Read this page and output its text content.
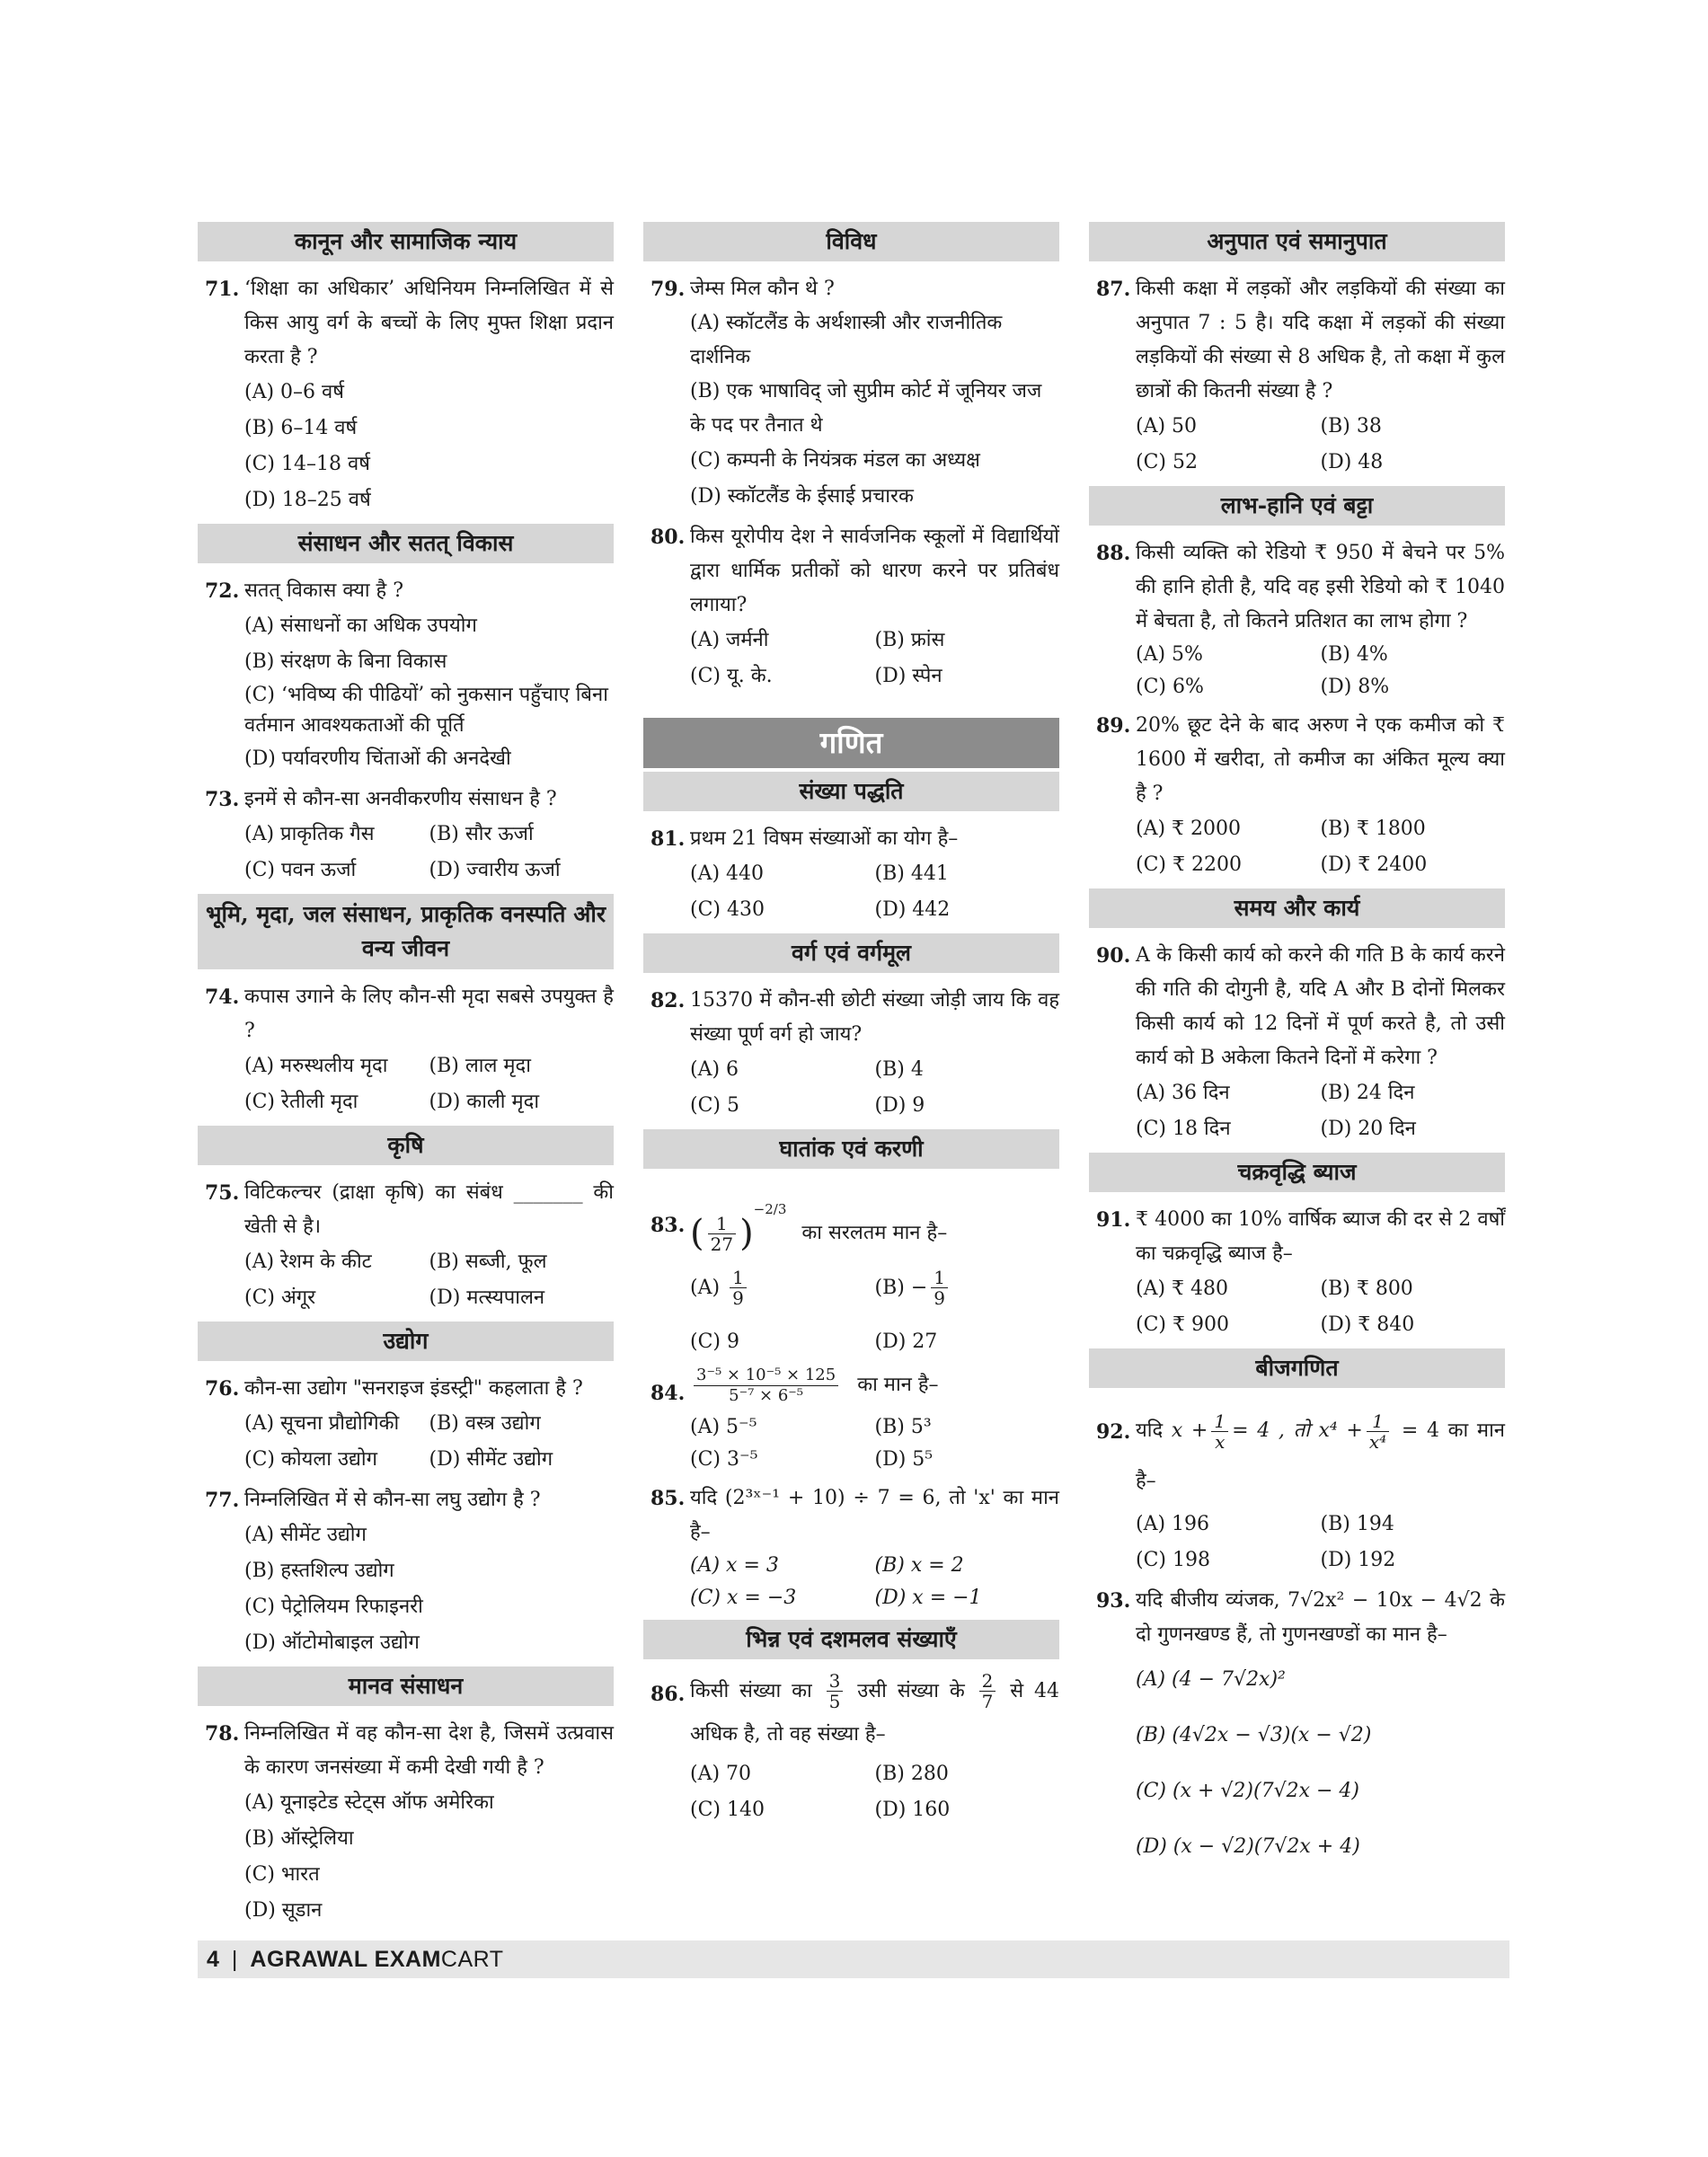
कानून और सामाजिक न्याय
71. ‘शिक्षा का अधिकार’ अधिनियम निम्नलिखित में से किस आयु वर्ग के बच्चों के लिए मुफ्त शिक्षा प्रदान करता है ?
(A) 0–6 वर्ष
(B) 6–14 वर्ष
(C) 14–18 वर्ष
(D) 18–25 वर्ष
संसाधन और सतत् विकास
72. सतत् विकास क्या है ?
(A) संसाधनों का अधिक उपयोग
(B) संरक्षण के बिना विकास
(C) ‘भविष्य की पीढियों’ को नुकसान पहुँचाए बिना वर्तमान आवश्यकताओं की पूर्ति
(D) पर्यावरणीय चिंताओं की अनदेखी
73. इनमें से कौन-सा अनवीकरणीय संसाधन है ?
(A) प्राकृतिक गैस	(B) सौर ऊर्जा
(C) पवन ऊर्जा	(D) ज्वारीय ऊर्जा
भूमि, मृदा, जल संसाधन, प्राकृतिक वनस्पति और वन्य जीवन
74. कपास उगाने के लिए कौन-सी मृदा सबसे उपयुक्त है ?
(A) मरुस्थलीय मृदा	(B) लाल मृदा
(C) रेतीली मृदा	(D) काली मृदा
कृषि
75. विटिकल्चर (द्राक्षा कृषि) का संबंध _______ की खेती से है।
(A) रेशम के कीट	(B) सब्जी, फूल
(C) अंगूर	(D) मत्स्यपालन
उद्योग
76. कौन-सा उद्योग "सनराइज इंडस्ट्री" कहलाता है ?
(A) सूचना प्रौद्योगिकी	(B) वस्त्र उद्योग
(C) कोयला उद्योग	(D) सीमेंट उद्योग
77. निम्नलिखित में से कौन-सा लघु उद्योग है ?
(A) सीमेंट उद्योग
(B) हस्तशिल्प उद्योग
(C) पेट्रोलियम रिफाइनरी
(D) ऑटोमोबाइल उद्योग
मानव संसाधन
78. निम्नलिखित में वह कौन-सा देश है, जिसमें उत्प्रवास के कारण जनसंख्या में कमी देखी गयी है ?
(A) यूनाइटेड स्टेट्स ऑफ अमेरिका
(B) ऑस्ट्रेलिया
(C) भारत
(D) सूडान
विविध
79. जेम्स मिल कौन थे ?
(A) स्कॉटलैंड के अर्थशास्त्री और राजनीतिक दार्शनिक
(B) एक भाषाविद् जो सुप्रीम कोर्ट में जूनियर जज के पद पर तैनात थे
(C) कम्पनी के नियंत्रक मंडल का अध्यक्ष
(D) स्कॉटलैंड के ईसाई प्रचारक
80. किस यूरोपीय देश ने सार्वजनिक स्कूलों में विद्यार्थियों द्वारा धार्मिक प्रतीकों को धारण करने पर प्रतिबंध लगाया?
(A) जर्मनी	(B) फ्रांस
(C) यू. के.	(D) स्पेन
गणित
संख्या पद्धति
81. प्रथम 21 विषम संख्याओं का योग है–
(A) 440	(B) 441
(C) 430	(D) 442
वर्ग एवं वर्गमूल
82. 15370 में कौन-सी छोटी संख्या जोड़ी जाय कि वह संख्या पूर्ण वर्ग हो जाय?
(A) 6	(B) 4
(C) 5	(D) 9
घातांक एवं करणी
83. ( $\frac{1}{27} )^{-2/3}$ का सरलतम मान है–
$(A) \frac{1}{9}$	$(B) - \frac{1}{9}$
(C) 9	(D) 27
84. $\frac{\text{3⁻⁵ × 10⁻⁵ × 125}}{\text{5⁻⁷ × 6⁻⁵}}$ का मान है–
(A) 5⁻⁵	(B) 5³
(C) 3⁻⁵	(D) 5⁵
85. यदि (2³ˣ⁻¹ + 10) ÷ 7 = 6, तो 'x' का मान है–
(A) x = 3	(B) x = 2
(C) x = −3	(D) x = −1
भिन्न एवं दशमलव संख्याएँ
86. किसी संख्या का $\frac{3}{5}$ उसी संख्या के $\frac{2}{7}$ से 44 अधिक है, तो वह संख्या है–
(A) 70	(B) 280
(C) 140	(D) 160
अनुपात एवं समानुपात
87. किसी कक्षा में लड़कों और लड़कियों की संख्या का अनुपात 7 : 5 है। यदि कक्षा में लड़कों की संख्या लड़कियों की संख्या से 8 अधिक है, तो कक्षा में कुल छात्रों की कितनी संख्या है ?
(A) 50	(B) 38
(C) 52	(D) 48
लाभ-हानि एवं बट्टा
88. किसी व्यक्ति को रेडियो ₹ 950 में बेचने पर 5% की हानि होती है, यदि वह इसी रेडियो को ₹ 1040 में बेचता है, तो कितने प्रतिशत का लाभ होगा ?
(A) 5%	(B) 4%
(C) 6%	(D) 8%
89. 20% छूट देने के बाद अरुण ने एक कमीज को ₹ 1600 में खरीदा, तो कमीज का अंकित मूल्य क्या है ?
(A) ₹ 2000	(B) ₹ 1800
(C) ₹ 2200	(D) ₹ 2400
समय और कार्य
90. A के किसी कार्य को करने की गति B के कार्य करने की गति की दोगुनी है, यदि A और B दोनों मिलकर किसी कार्य को 12 दिनों में पूर्ण करते है, तो उसी कार्य को B अकेला कितने दिनों में करेगा ?
(A) 36 दिन	(B) 24 दिन
(C) 18 दिन	(D) 20 दिन
चक्रवृद्धि ब्याज
91. ₹ 4000 का 10% वार्षिक ब्याज की दर से 2 वर्षों का चक्रवृद्धि ब्याज है–
(A) ₹ 480	(B) ₹ 800
(C) ₹ 900	(D) ₹ 840
बीजगणित
92. यदि $x + \frac{1}{x} = 4$ , तो $x^4 + \frac{1}{\text{x⁴}} = 4$ का मान है–
(A) 196	(B) 194
(C) 198	(D) 192
93. यदि बीजीय व्यंजक, 7√2x² − 10x − 4√2 के दो गुणनखण्ड हैं, तो गुणनखण्डों का मान है–
(A) (4 − 7√2x)²
(B) (4√2x − √3)(x − √2)
(C) (x + √2)(7√2x − 4)
(D) (x − √2)(7√2x + 4)
4 | AGRAWAL EXAMCART
